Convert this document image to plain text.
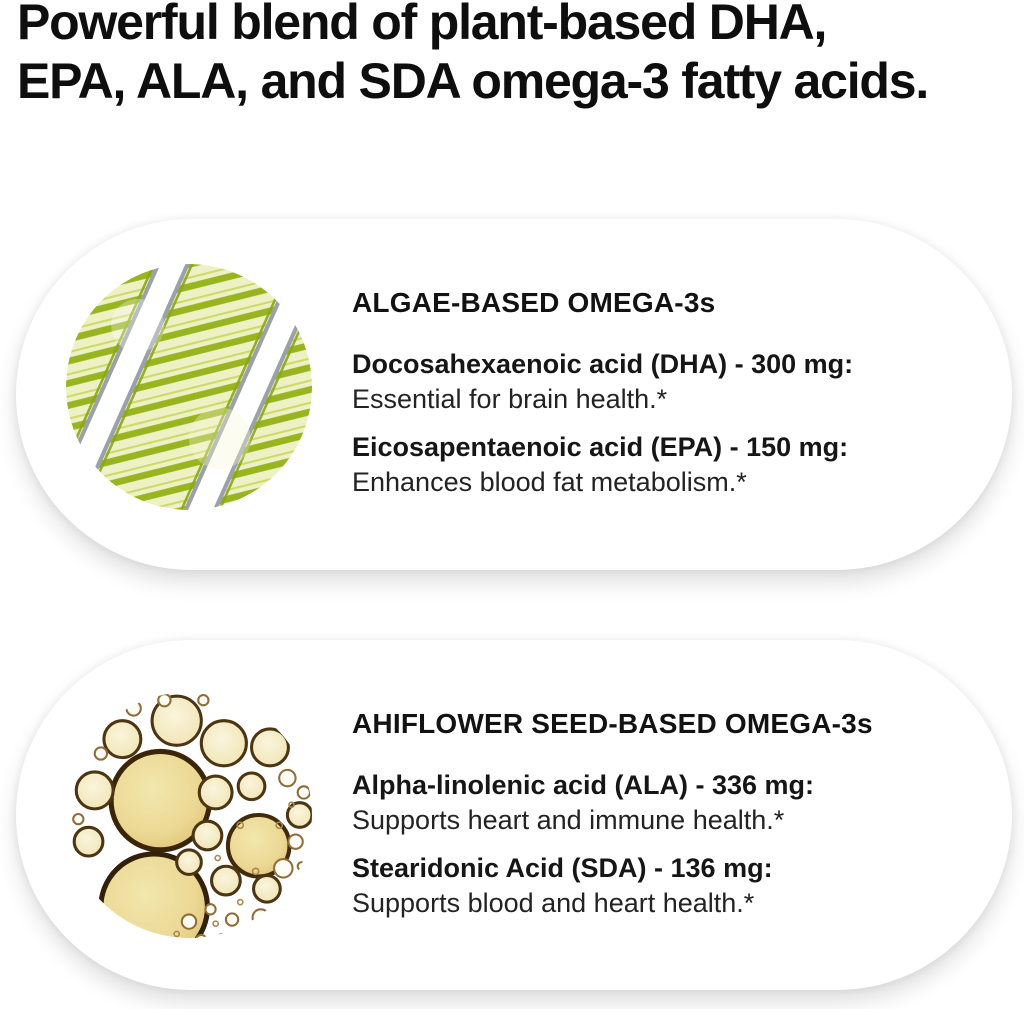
Powerful blend of plant-based DHA,
EPA, ALA, and SDA omega-3 fatty acids.
ALGAE-BASED OMEGA-3s
Docosahexaenoic acid (DHA) - 300 mg:
Essential for brain health.*
Eicosapentaenoic acid (EPA) - 150 mg:
Enhances blood fat metabolism.*
AHIFLOWER SEED-BASED OMEGA-3s
Alpha-linolenic acid (ALA) - 336 mg:
Supports heart and immune health.*
Stearidonic Acid (SDA) - 136 mg:
Supports blood and heart health.*
